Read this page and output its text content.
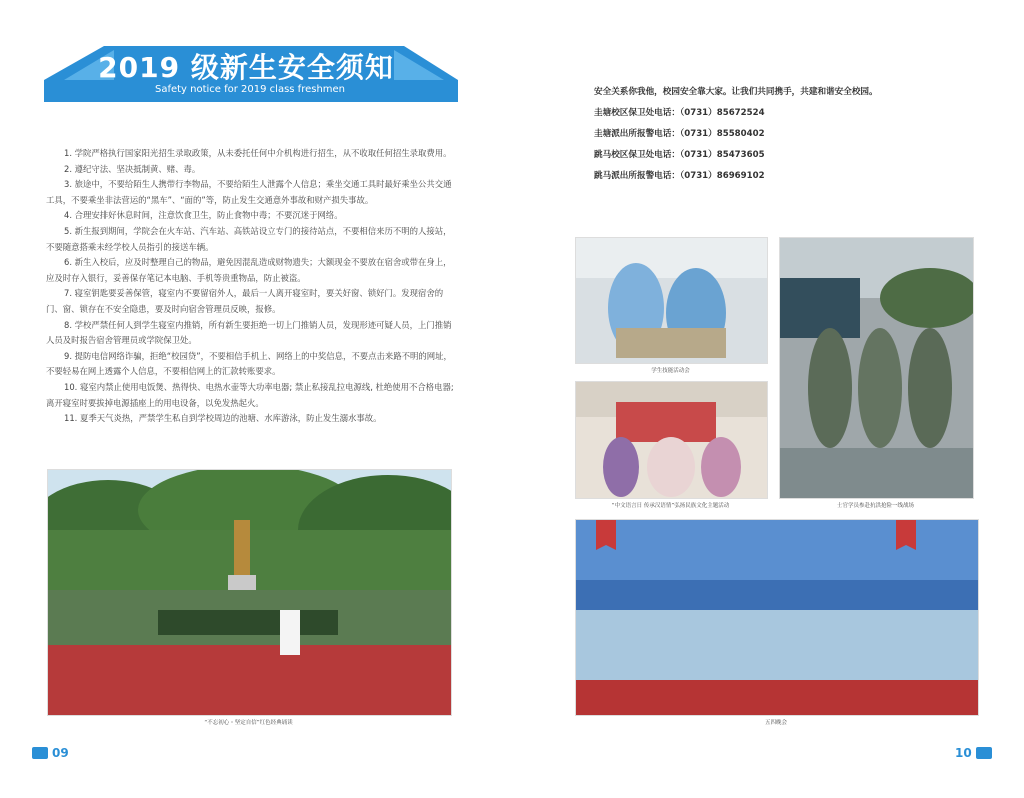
2019 级新生安全须知
Safety notice for 2019 class freshmen

1. 学院严格执行国家阳光招生录取政策，从未委托任何中介机构进行招生，从不收取任何招生录取费用。

2. 遵纪守法、坚决抵制黄、赌、毒。

3. 旅途中，不要给陌生人携带行李物品，不要给陌生人泄露个人信息；乘坐交通工具时最好乘坐公共交通工具，不要乘坐非法营运的“黑车”、“面的”等，防止发生交通意外事故和财产损失事故。

4. 合理安排好休息时间，注意饮食卫生，防止食物中毒；不要沉迷于网络。

5. 新生报到期间，学院会在火车站、汽车站、高铁站设立专门的接待站点，不要相信来历不明的人接站，不要随意搭乘未经学校人员指引的接送车辆。

6. 新生入校后，应及时整理自己的物品，避免因混乱造成财物遗失；大额现金不要放在宿舍或带在身上，应及时存入银行，妥善保存笔记本电脑、手机等贵重物品，防止被盗。

7. 寝室钥匙要妥善保管，寝室内不要留宿外人，最后一人离开寝室时，要关好窗、锁好门。发现宿舍的门、窗、锁存在不安全隐患，要及时向宿舍管理员反映，报修。

8. 学校严禁任何人到学生寝室内推销，所有新生要拒绝一切上门推销人员，发现形迹可疑人员，上门推销人员及时报告宿舍管理员或学院保卫处。

9. 提防电信网络诈骗，拒绝“校园贷”，不要相信手机上、网络上的中奖信息，不要点击来路不明的网址，不要轻易在网上透露个人信息，不要相信网上的汇款转账要求。

10. 寝室内禁止使用电饭煲、热得快、电热水壶等大功率电器; 禁止私接乱拉电源线, 杜绝使用不合格电器; 离开寝室时要拔掉电源插座上的用电设备，以免发热起火。

11. 夏季天气炎热，严禁学生私自到学校周边的池塘、水库游泳，防止发生溺水事故。

安全关系你我他，校园安全靠大家。让我们共同携手，共建和谐安全校园。
圭塘校区保卫处电话：（0731）85672524
圭塘派出所报警电话：（0731）85580402
跳马校区保卫处电话：（0731）85473605
跳马派出所报警电话：（0731）86969102
“不忘初心・坚定自信”红色经典诵读
学生技能活动会
“中文语言日 传承汉语情”弘扬民族文化主题活动	士官学员参赴抗洪抢险一线战场
五四晚会
09	10
